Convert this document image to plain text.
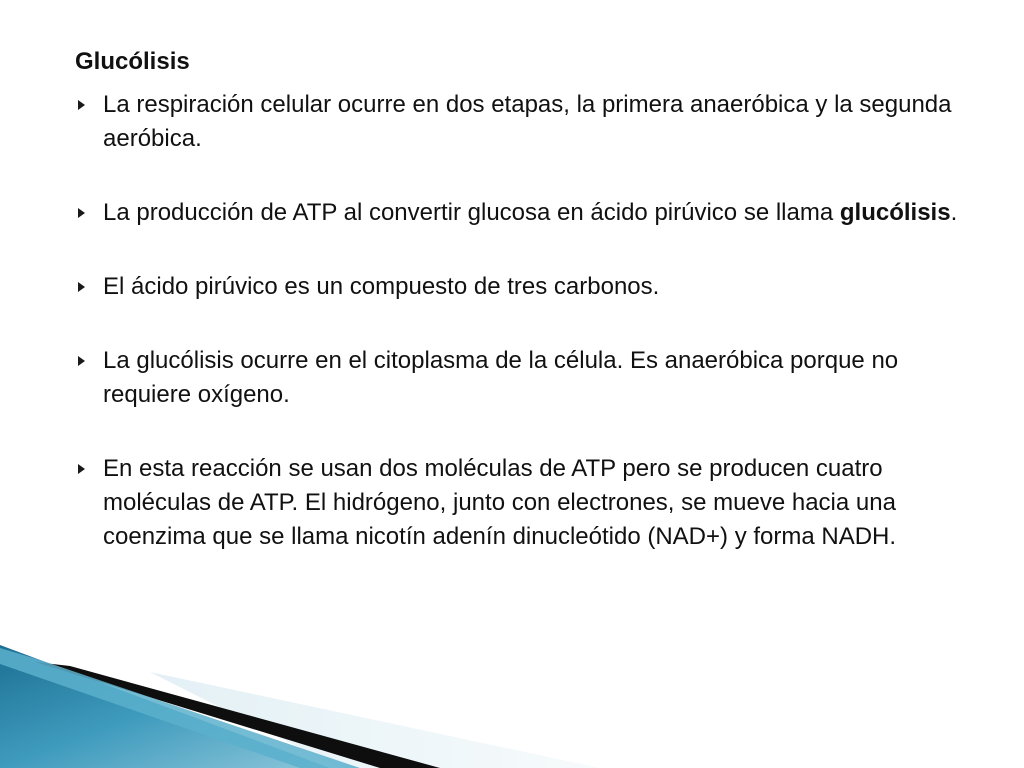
Glucólisis
La respiración celular ocurre en dos etapas, la primera anaeróbica y la segunda aeróbica.
La producción de ATP al convertir glucosa en ácido pirúvico se llama glucólisis.
El ácido pirúvico es un compuesto de tres carbonos.
La glucólisis ocurre en el citoplasma de la célula. Es anaeróbica porque no requiere oxígeno.
En esta reacción se usan dos moléculas de ATP pero se producen cuatro moléculas de ATP. El hidrógeno, junto con electrones, se mueve hacia una coenzima que se llama nicotín adenín dinucleótido (NAD+) y forma NADH.
